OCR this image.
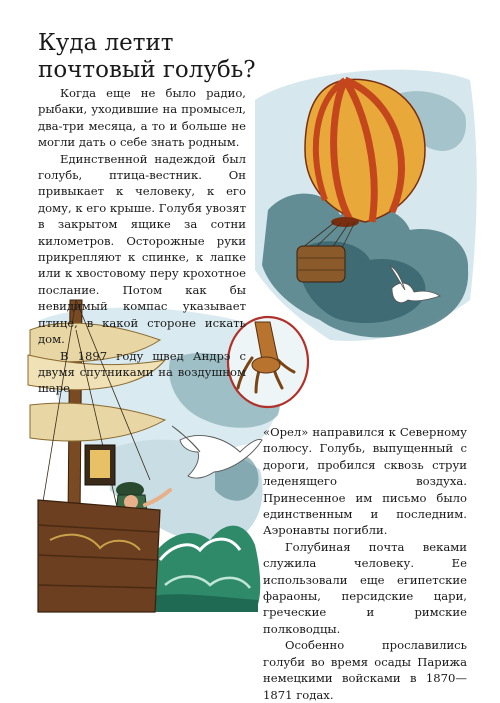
Куда летит
почтовый голубь?

Когда еще не было радио, рыбаки, уходившие на промысел, два-три месяца, а то и больше не могли дать о себе знать родным.

Единственной надеждой был голубь, птица-вестник. Он привыкает к человеку, к его дому, к его крыше. Голубя увозят в закрытом ящике за сотни километров. Осторожные руки прикрепляют к спинке, к лапке или к хвостовому перу крохотное послание. Потом как бы невидимый компас указывает птице, в какой стороне искать дом.

В 1897 году швед Андрэ с двумя спутниками на воздушном шаре

«Орел» направился к Северному полюсу. Голубь, выпущенный с дороги, пробился сквозь струи леденящего воздуха. Принесенное им письмо было единственным и последним. Аэронавты погибли.

Голубиная почта веками служила человеку. Ее использовали еще египетские фараоны, персидские цари, греческие и римские полководцы.

Особенно прославились голуби во время осады Парижа немецкими войсками в 1870—1871 годах.
